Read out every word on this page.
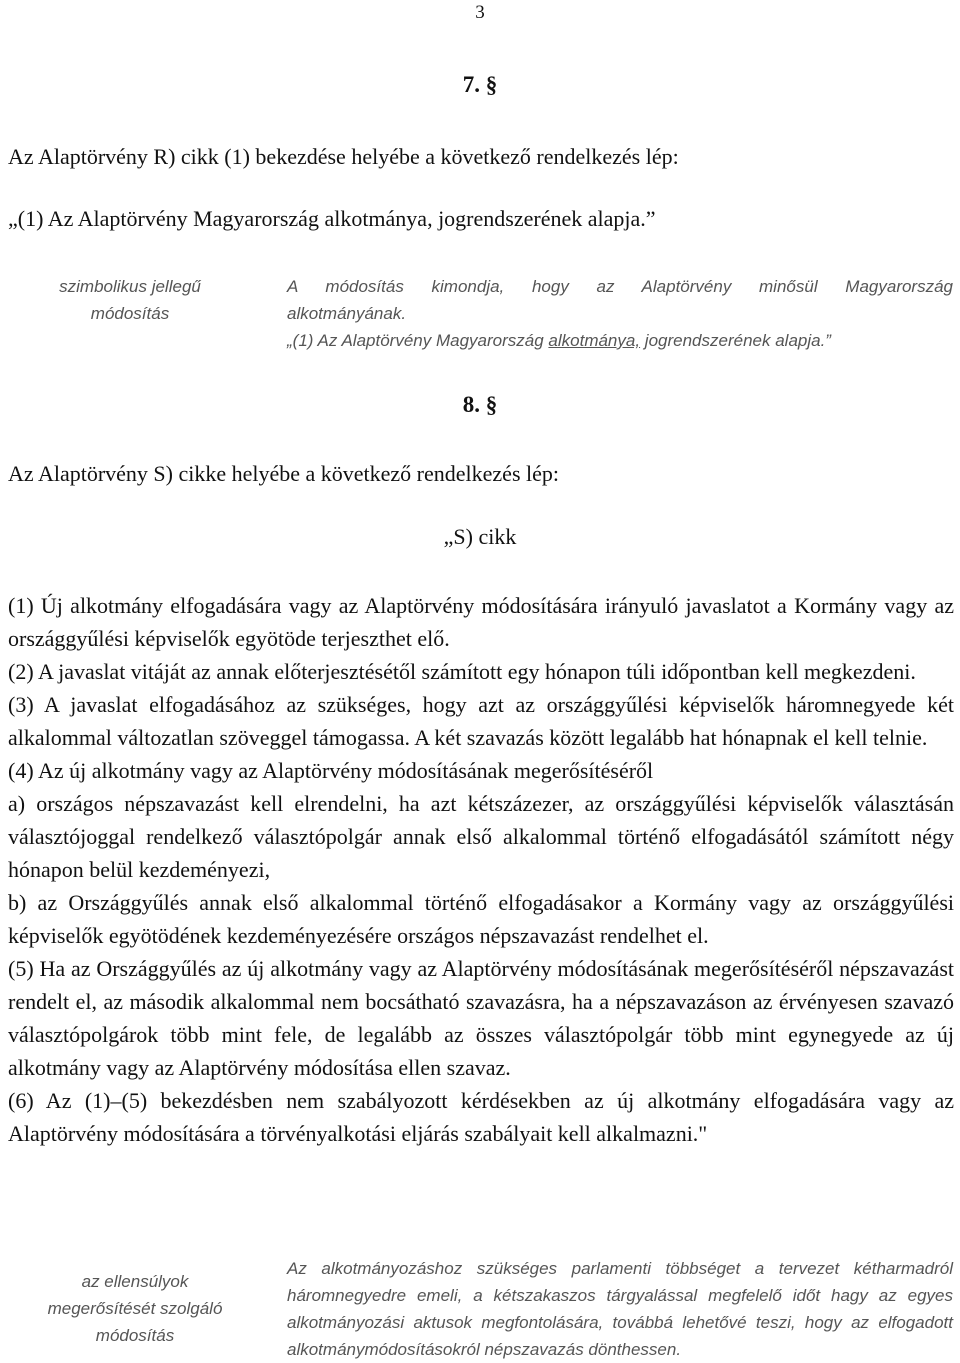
3
7. §
Az Alaptörvény R) cikk (1) bekezdése helyébe a következő rendelkezés lép:
„(1) Az Alaptörvény Magyarország alkotmánya, jogrendszerének alapja.”
szimbolikus jellegű
módosítás

A módosítás kimondja, hogy az Alaptörvény minősül Magyarország

alkotmányának.

„(1) Az Alaptörvény Magyarország alkotmánya, jogrendszerének alapja.”

8. §
Az Alaptörvény S) cikke helyébe a következő rendelkezés lép:
„S) cikk

(1) Új alkotmány elfogadására vagy az Alaptörvény módosítására irányuló javaslatot a Kormány vagy az országgyűlési képviselők egyötöde terjeszthet elő.

(2) A javaslat vitáját az annak előterjesztésétől számított egy hónapon túli időpontban kell megkezdeni.

(3) A javaslat elfogadásához az szükséges, hogy azt az országgyűlési képviselők háromnegyede két alkalommal változatlan szöveggel támogassa. A két szavazás között legalább hat hónapnak el kell telnie.

(4) Az új alkotmány vagy az Alaptörvény módosításának megerősítéséről

a) országos népszavazást kell elrendelni, ha azt kétszázezer, az országgyűlési képviselők választásán választójoggal rendelkező választópolgár annak első alkalommal történő elfogadásától számított négy hónapon belül kezdeményezi,

b) az Országgyűlés annak első alkalommal történő elfogadásakor a Kormány vagy az országgyűlési képviselők egyötödének kezdeményezésére országos népszavazást rendelhet el.

(5) Ha az Országgyűlés az új alkotmány vagy az Alaptörvény módosításának megerősítéséről népszavazást rendelt el, az második alkalommal nem bocsátható szavazásra, ha a népszavazáson az érvényesen szavazó választópolgárok több mint fele, de legalább az összes választópolgár több mint egynegyede az új alkotmány vagy az Alaptörvény módosítása ellen szavaz.

(6) Az (1)–(5) bekezdésben nem szabályozott kérdésekben az új alkotmány elfogadására vagy az Alaptörvény módosítására a törvényalkotási eljárás szabályait kell alkalmazni."

az ellensúlyok
megerősítését szolgáló
módosítás

Az alkotmányozáshoz szükséges parlamenti többséget a tervezet kétharmadról háromnegyedre emeli, a kétszakaszos tárgyalással megfelelő időt hagy az egyes alkotmányozási aktusok megfontolására, továbbá lehetővé teszi, hogy az elfogadott alkotmánymódosításokról népszavazás dönthessen.
